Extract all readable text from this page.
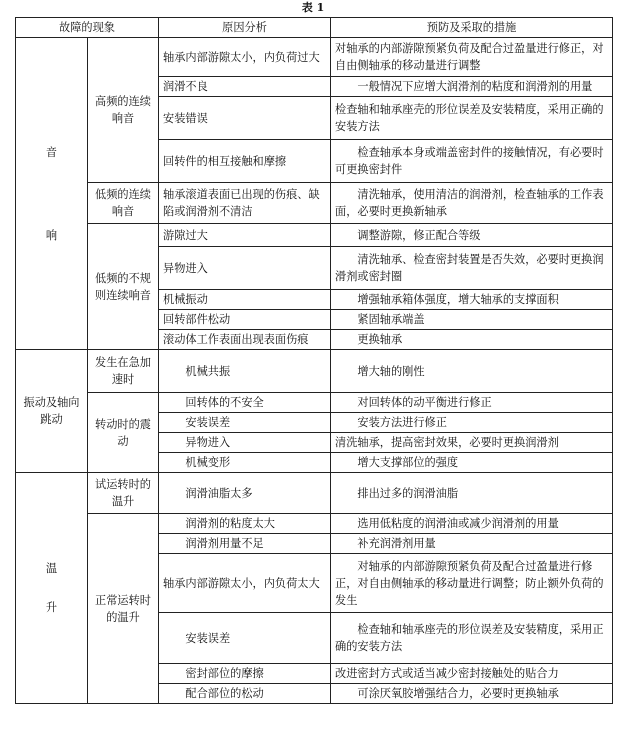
表 1
故障的现象		原因分析	预防及采取的措施

音
响	高频的连续响音	轴承内部游隙太小，内负荷过大	对轴承的内部游隙预紧负荷及配合过盈量进行修正，对自由侧轴承的移动量进行调整
		润滑不良	一般情况下应增大润滑剂的粘度和润滑剂的用量
		安装错误	检查轴和轴承座壳的形位误差及安装精度，采用正确的安装方法
		回转件的相互接触和摩擦	检查轴承本身或端盖密封件的接触情况，有必要时可更换密封件
	低频的连续响音	轴承滚道表面已出现的伤痕、缺陷或润滑剂不清洁	清洗轴承，使用清洁的润滑剂，检查轴承的工作表面，必要时更换新轴承
	低频的不规则连续响音	游隙过大	调整游隙，修正配合等级
		异物进入	清洗轴承、检查密封装置是否失效，必要时更换润滑剂或密封圈
		机械振动	增强轴承箱体强度，增大轴承的支撑面积
		回转部件松动	紧固轴承端盖
		滚动体工作表面出现表面伤痕	更换轴承
振动及轴向跳动	发生在急加速时	机械共振	增大轴的刚性
	转动时的震动	回转体的不安全	对回转体的动平衡进行修正
		安装误差	安装方法进行修正
		异物进入	清洗轴承，提高密封效果，必要时更换润滑剂
		机械变形	增大支撑部位的强度

温
升	试运转时的温升	润滑油脂太多	排出过多的润滑油脂
	正常运转时的温升	润滑剂的粘度太大	选用低粘度的润滑油或减少润滑剂的用量
		润滑剂用量不足	补充润滑剂用量
		轴承内部游隙太小，内负荷太大	对轴承的内部游隙预紧负荷及配合过盈量进行修正，对自由侧轴承的移动量进行调整；防止额外负荷的发生
		安装误差	检查轴和轴承座壳的形位误差及安装精度，采用正确的安装方法
		密封部位的摩擦	改进密封方式或适当减少密封接触处的贴合力
		配合部位的松动	可涂厌氧胶增强结合力，必要时更换轴承
